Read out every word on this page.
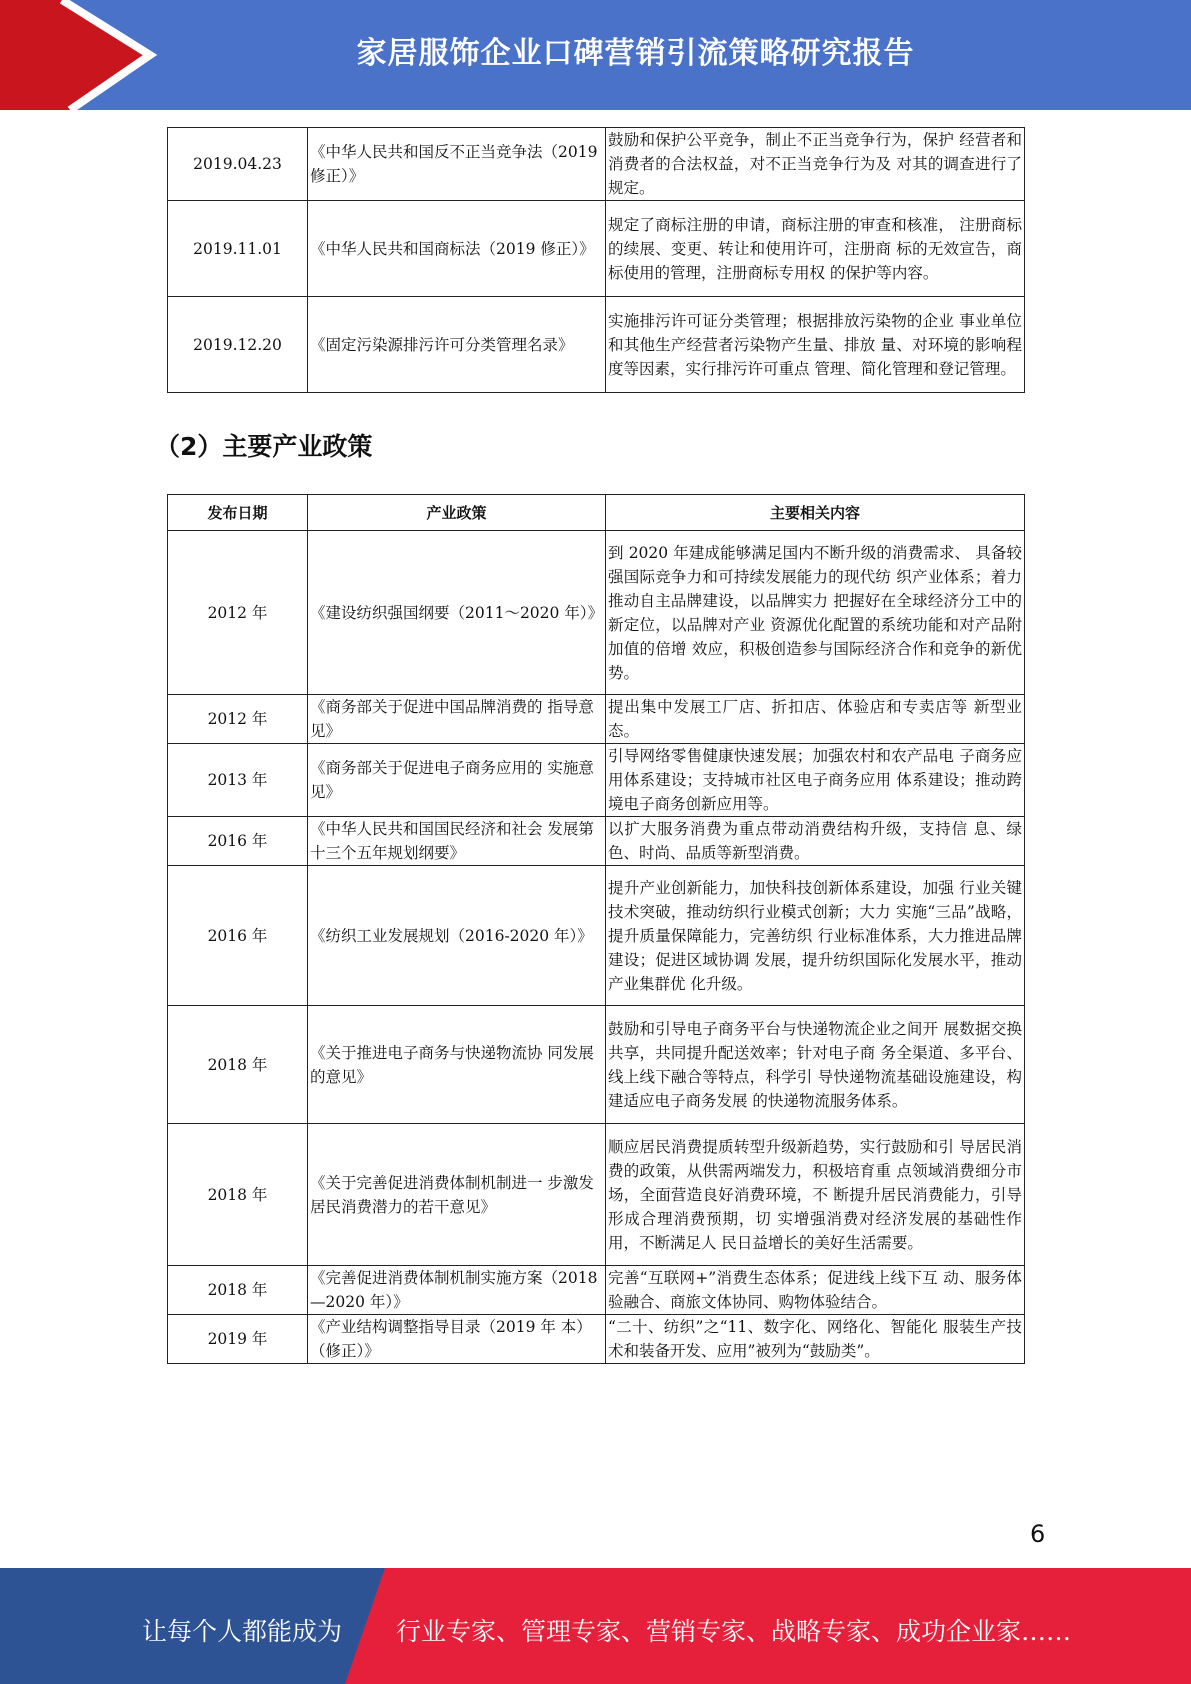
家居服饰企业口碑营销引流策略研究报告
2019.04.23	《中华人民共和国反不正当竞争法（2019 修正）》	鼓励和保护公平竞争，制止不正当竞争行为，保护 经营者和消费者的合法权益，对不正当竞争行为及 对其的调查进行了规定。
2019.11.01	《中华人民共和国商标法（2019 修正）》	规定了商标注册的申请，商标注册的审查和核准， 注册商标的续展、变更、转让和使用许可，注册商 标的无效宣告，商标使用的管理，注册商标专用权 的保护等内容。
2019.12.20	《固定污染源排污许可分类管理名录》	实施排污许可证分类管理；根据排放污染物的企业 事业单位和其他生产经营者污染物产生量、排放 量、对环境的影响程度等因素，实行排污许可重点 管理、简化管理和登记管理。
（2）主要产业政策
发布日期	产业政策	主要相关内容
2012 年	《建设纺织强国纲要（2011～2020 年）》	到 2020 年建成能够满足国内不断升级的消费需求、 具备较强国际竞争力和可持续发展能力的现代纺 织产业体系；着力推动自主品牌建设，以品牌实力 把握好在全球经济分工中的新定位，以品牌对产业 资源优化配置的系统功能和对产品附加值的倍增 效应，积极创造参与国际经济合作和竞争的新优 势。
2012 年	《商务部关于促进中国品牌消费的 指导意见》	提出集中发展工厂店、折扣店、体验店和专卖店等 新型业态。
2013 年	《商务部关于促进电子商务应用的 实施意见》	引导网络零售健康快速发展；加强农村和农产品电 子商务应用体系建设；支持城市社区电子商务应用 体系建设；推动跨境电子商务创新应用等。
2016 年	《中华人民共和国国民经济和社会 发展第十三个五年规划纲要》	以扩大服务消费为重点带动消费结构升级，支持信 息、绿色、时尚、品质等新型消费。
2016 年	《纺织工业发展规划（2016-2020 年）》	提升产业创新能力，加快科技创新体系建设，加强 行业关键技术突破，推动纺织行业模式创新；大力 实施“三品”战略，提升质量保障能力，完善纺织 行业标准体系，大力推进品牌建设；促进区域协调 发展，提升纺织国际化发展水平，推动产业集群优 化升级。
2018 年	《关于推进电子商务与快递物流协 同发展的意见》	鼓励和引导电子商务平台与快递物流企业之间开 展数据交换共享，共同提升配送效率；针对电子商 务全渠道、多平台、线上线下融合等特点，科学引 导快递物流基础设施建设，构建适应电子商务发展 的快递物流服务体系。
2018 年	《关于完善促进消费体制机制进一 步激发居民消费潜力的若干意见》	顺应居民消费提质转型升级新趋势，实行鼓励和引 导居民消费的政策，从供需两端发力，积极培育重 点领域消费细分市场，全面营造良好消费环境，不 断提升居民消费能力，引导形成合理消费预期，切 实增强消费对经济发展的基础性作用，不断满足人 民日益增长的美好生活需要。
2018 年	《完善促进消费体制机制实施方案（2018—2020 年）》	完善“互联网+”消费生态体系；促进线上线下互 动、服务体验融合、商旅文体协同、购物体验结合。
2019 年	《产业结构调整指导目录（2019 年 本）（修正）》	“二十、纺织”之“11、数字化、网络化、智能化 服装生产技术和装备开发、应用”被列为“鼓励类”。
6
让每个人都能成为 行业专家、管理专家、营销专家、战略专家、成功企业家……
